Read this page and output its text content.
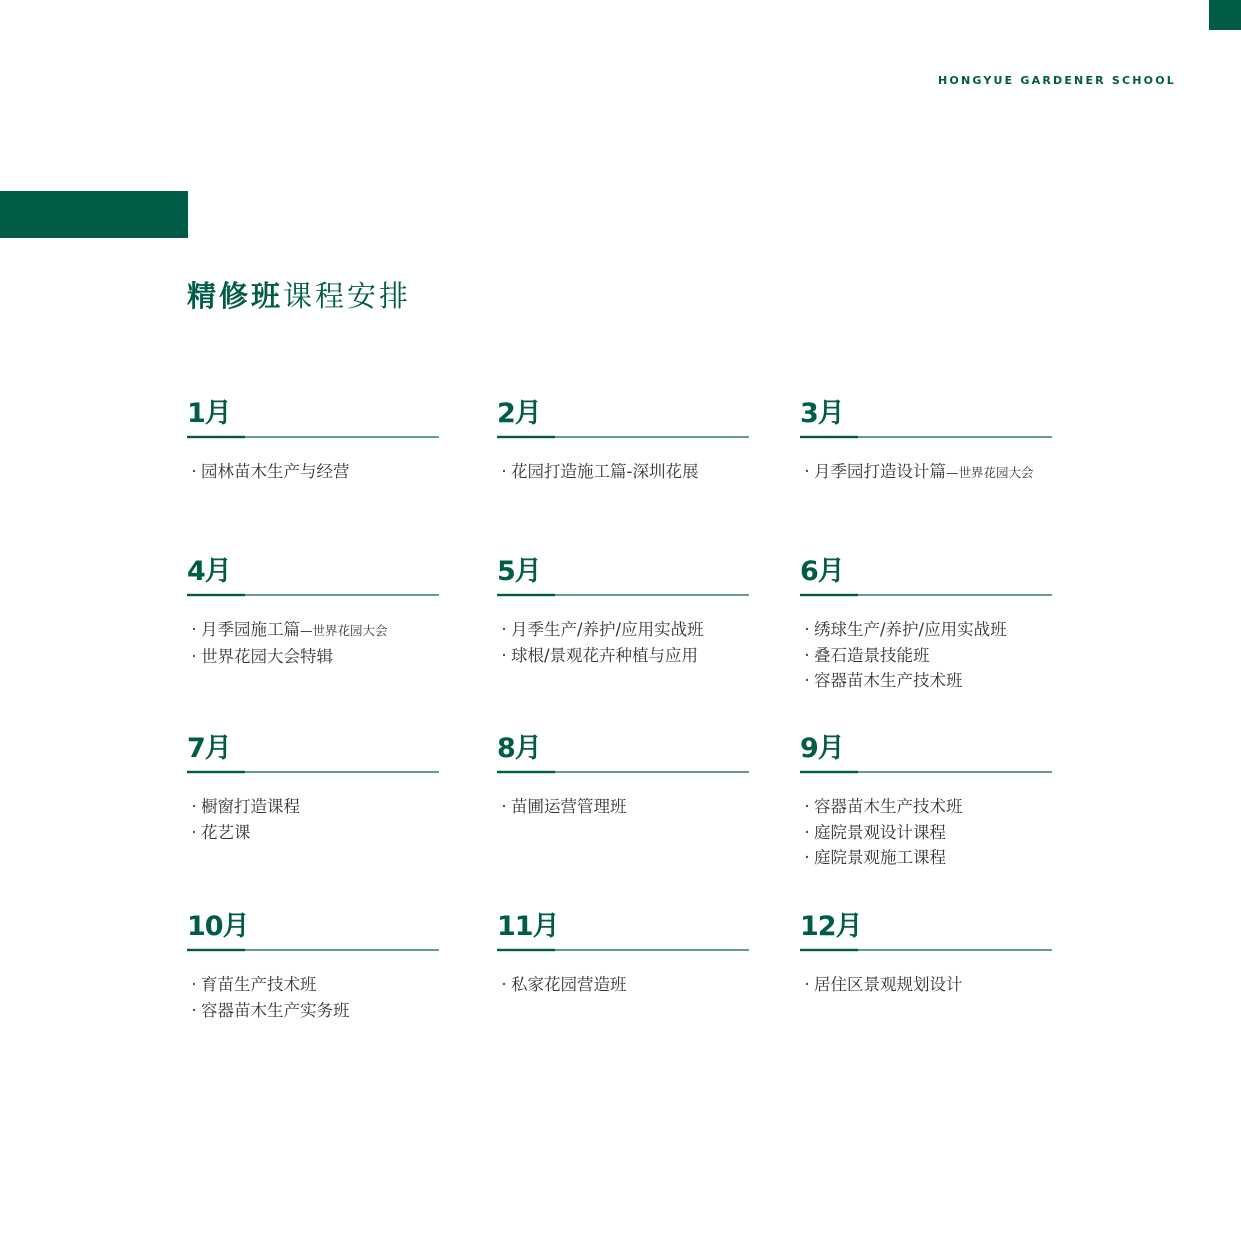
HONGYUE GARDENER SCHOOL
精修班课程安排
1月
· 园林苗木生产与经营
2月
· 花园打造施工篇-深圳花展
3月
· 月季园打造设计篇—世界花园大会
4月
· 月季园施工篇—世界花园大会
· 世界花园大会特辑
5月
· 月季生产/养护/应用实战班
· 球根/景观花卉种植与应用
6月
· 绣球生产/养护/应用实战班
· 叠石造景技能班
· 容器苗木生产技术班
7月
· 橱窗打造课程
· 花艺课
8月
· 苗圃运营管理班
9月
· 容器苗木生产技术班
· 庭院景观设计课程
· 庭院景观施工课程
10月
· 育苗生产技术班
· 容器苗木生产实务班
11月
· 私家花园营造班
12月
· 居住区景观规划设计
